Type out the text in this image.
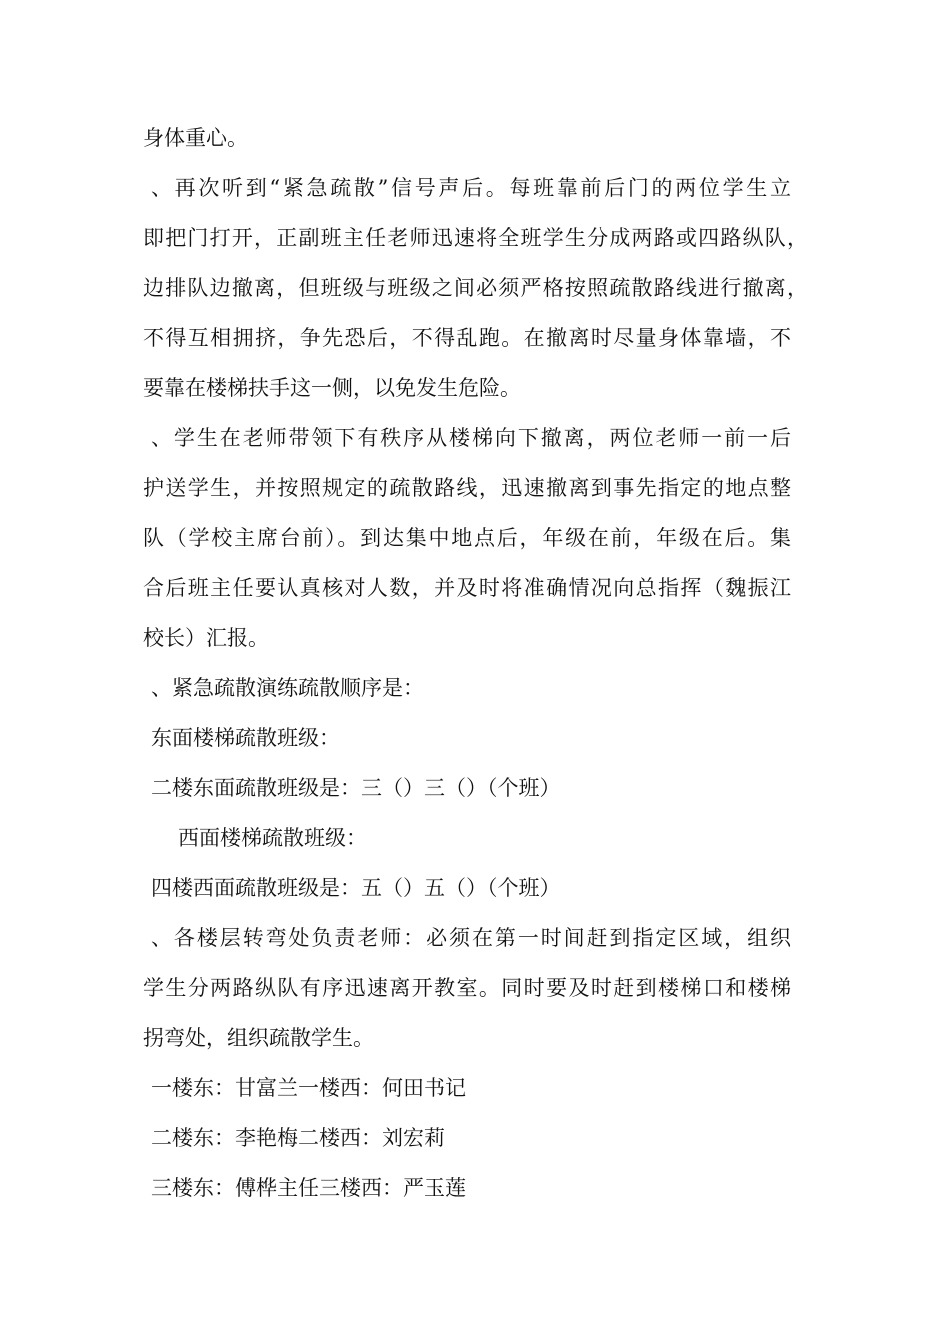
身体重心。
、再次听到“紧急疏散”信号声后。每班靠前后门的两位学生立
即把门打开，正副班主任老师迅速将全班学生分成两路或四路纵队，
边排队边撤离，但班级与班级之间必须严格按照疏散路线进行撤离，
不得互相拥挤，争先恐后，不得乱跑。在撤离时尽量身体靠墙，不
要靠在楼梯扶手这一侧，以免发生危险。
、学生在老师带领下有秩序从楼梯向下撤离，两位老师一前一后
护送学生，并按照规定的疏散路线，迅速撤离到事先指定的地点整
队（学校主席台前）。到达集中地点后，年级在前，年级在后。集
合后班主任要认真核对人数，并及时将准确情况向总指挥（魏振江
校长）汇报。
、紧急疏散演练疏散顺序是：
东面楼梯疏散班级：
二楼东面疏散班级是：三（）三（）（个班）
西面楼梯疏散班级：
四楼西面疏散班级是：五（）五（）（个班）
、各楼层转弯处负责老师：必须在第一时间赶到指定区域，组织
学生分两路纵队有序迅速离开教室。同时要及时赶到楼梯口和楼梯
拐弯处，组织疏散学生。
一楼东：甘富兰一楼西：何田书记
二楼东：李艳梅二楼西：刘宏莉
三楼东：傅桦主任三楼西：严玉莲
